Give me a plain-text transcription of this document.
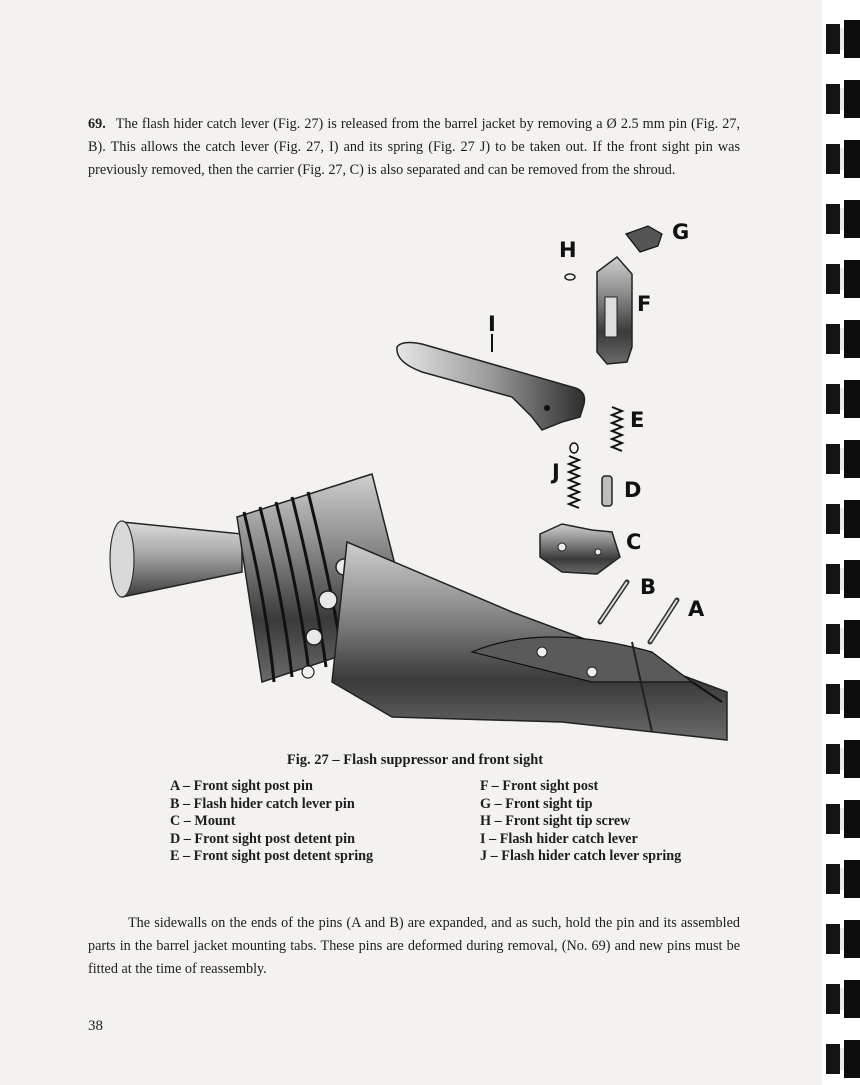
69. The flash hider catch lever (Fig. 27) is released from the barrel jacket by removing a Ø 2.5 mm pin (Fig. 27, B). This allows the catch lever (Fig. 27, I) and its spring (Fig. 27 J) to be taken out. If the front sight pin was previously removed, then the carrier (Fig. 27, C) is also separated and can be removed from the shroud.

G
H
F
I
E
J
D
C
B
A
Fig. 27 – Flash suppressor and front sight
A – Front sight post pin
B – Flash hider catch lever pin
C – Mount
D – Front sight post detent pin
E – Front sight post detent spring
F – Front sight post
G – Front sight tip
H – Front sight tip screw
I – Flash hider catch lever
J – Flash hider catch lever spring

The sidewalls on the ends of the pins (A and B) are expanded, and as such, hold the pin and its assembled parts in the barrel jacket mounting tabs. These pins are deformed during removal, (No. 69) and new pins must be fitted at the time of reassembly.

38
